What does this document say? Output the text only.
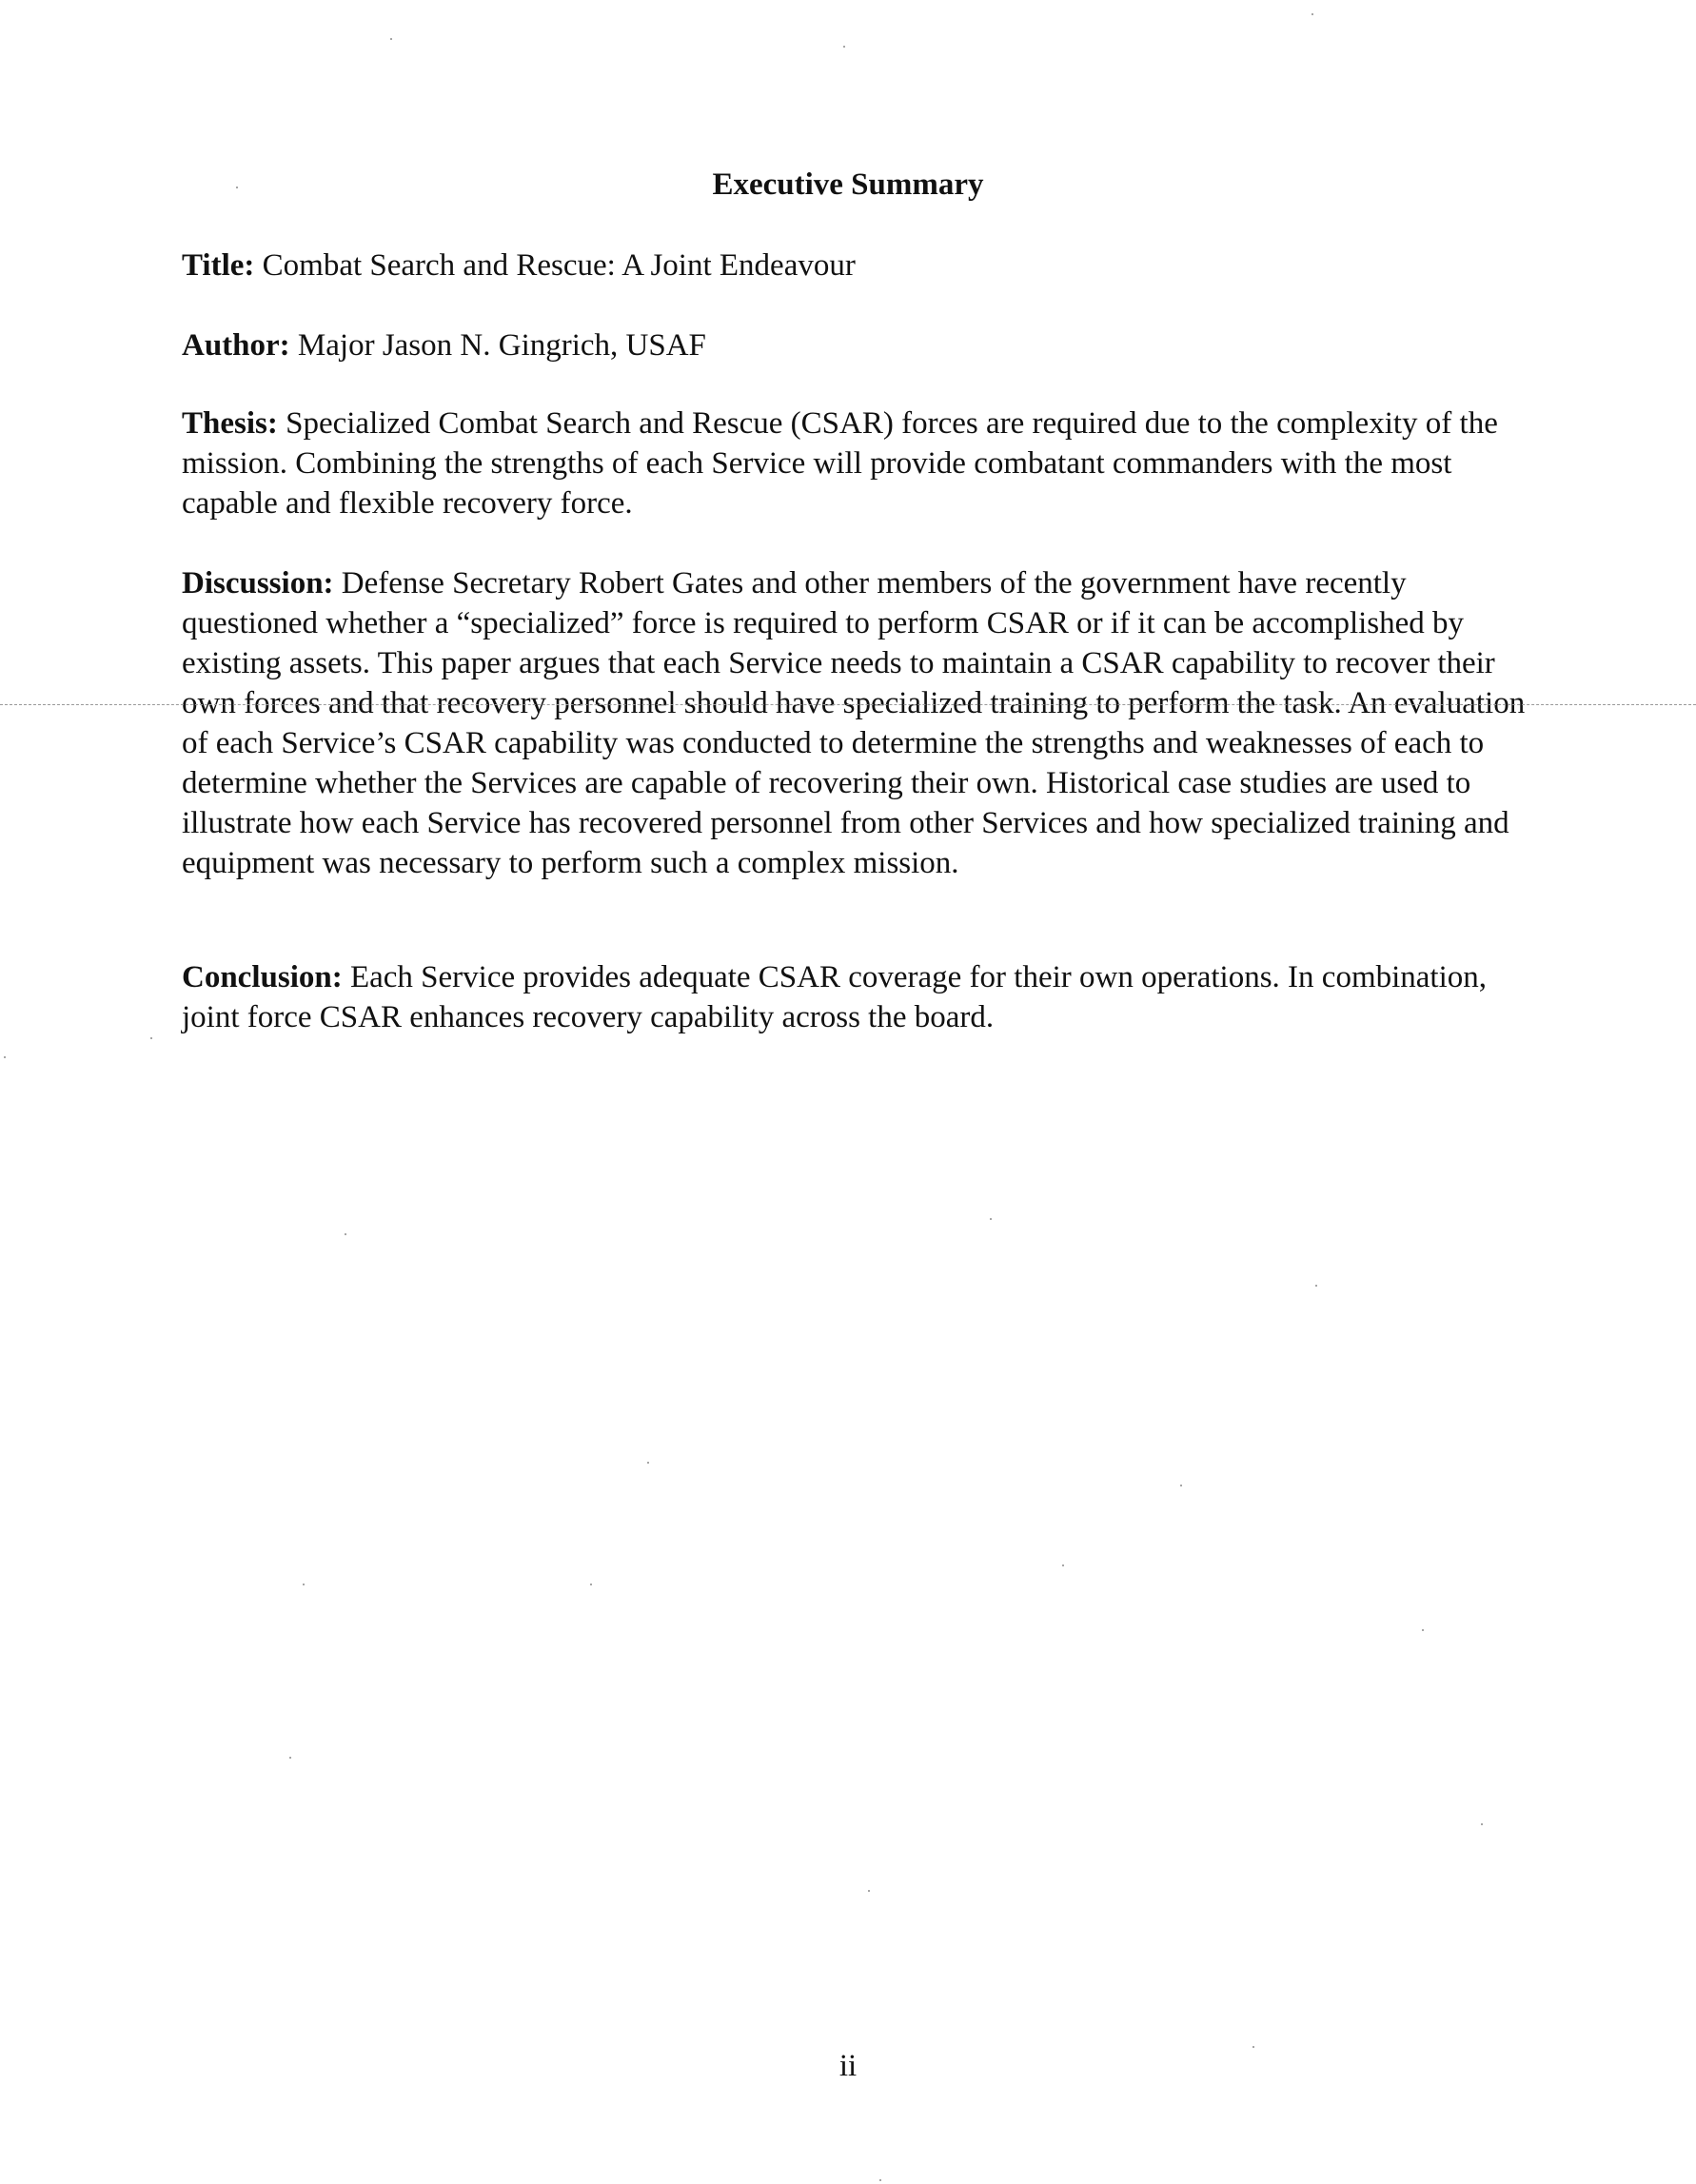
Executive Summary

Title: Combat Search and Rescue: A Joint Endeavour

Author: Major Jason N. Gingrich, USAF

Thesis: Specialized Combat Search and Rescue (CSAR) forces are required due to the complexity of the mission. Combining the strengths of each Service will provide combatant commanders with the most capable and flexible recovery force.

Discussion: Defense Secretary Robert Gates and other members of the government have recently questioned whether a “specialized” force is required to perform CSAR or if it can be accomplished by existing assets. This paper argues that each Service needs to maintain a CSAR capability to recover their own forces and that recovery personnel should have specialized training to perform the task. An evaluation of each Service’s CSAR capability was conducted to determine the strengths and weaknesses of each to determine whether the Services are capable of recovering their own. Historical case studies are used to illustrate how each Service has recovered personnel from other Services and how specialized training and equipment was necessary to perform such a complex mission.

Conclusion: Each Service provides adequate CSAR coverage for their own operations. In combination, joint force CSAR enhances recovery capability across the board.

ii
